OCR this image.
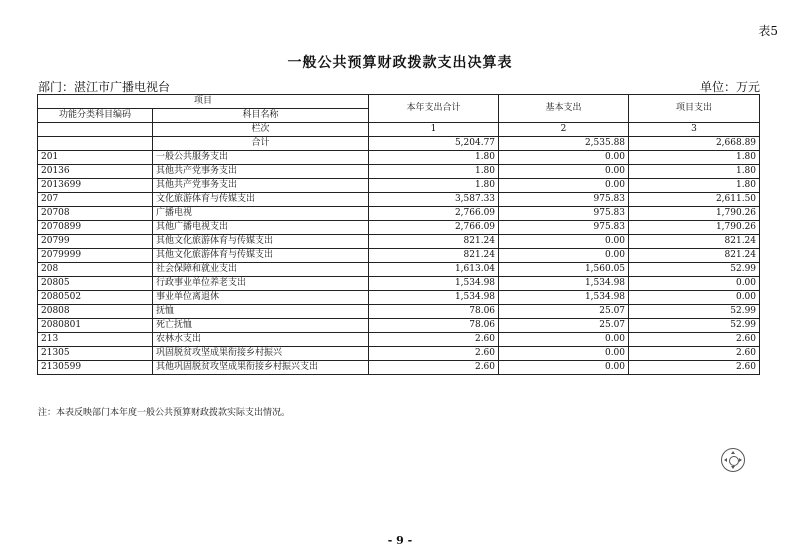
表5
一般公共预算财政拨款支出决算表
部门：湛江市广播电视台	单位：万元
项目		本年支出合计	基本支出	项目支出
功能分类科目编码	科目名称			
	栏次	1	2	3
	合计	5,204.77	2,535.88	2,668.89
201	一般公共服务支出	1.80	0.00	1.80
20136	其他共产党事务支出	1.80	0.00	1.80
2013699	其他共产党事务支出	1.80	0.00	1.80
207	文化旅游体育与传媒支出	3,587.33	975.83	2,611.50
20708	广播电视	2,766.09	975.83	1,790.26
2070899	其他广播电视支出	2,766.09	975.83	1,790.26
20799	其他文化旅游体育与传媒支出	821.24	0.00	821.24
2079999	其他文化旅游体育与传媒支出	821.24	0.00	821.24
208	社会保障和就业支出	1,613.04	1,560.05	52.99
20805	行政事业单位养老支出	1,534.98	1,534.98	0.00
2080502	事业单位离退休	1,534.98	1,534.98	0.00
20808	抚恤	78.06	25.07	52.99
2080801	死亡抚恤	78.06	25.07	52.99
213	农林水支出	2.60	0.00	2.60
21305	巩固脱贫攻坚成果衔接乡村振兴	2.60	0.00	2.60
2130599	其他巩固脱贫攻坚成果衔接乡村振兴支出	2.60	0.00	2.60
注：本表反映部门本年度一般公共预算财政拨款实际支出情况。
- 9 -
